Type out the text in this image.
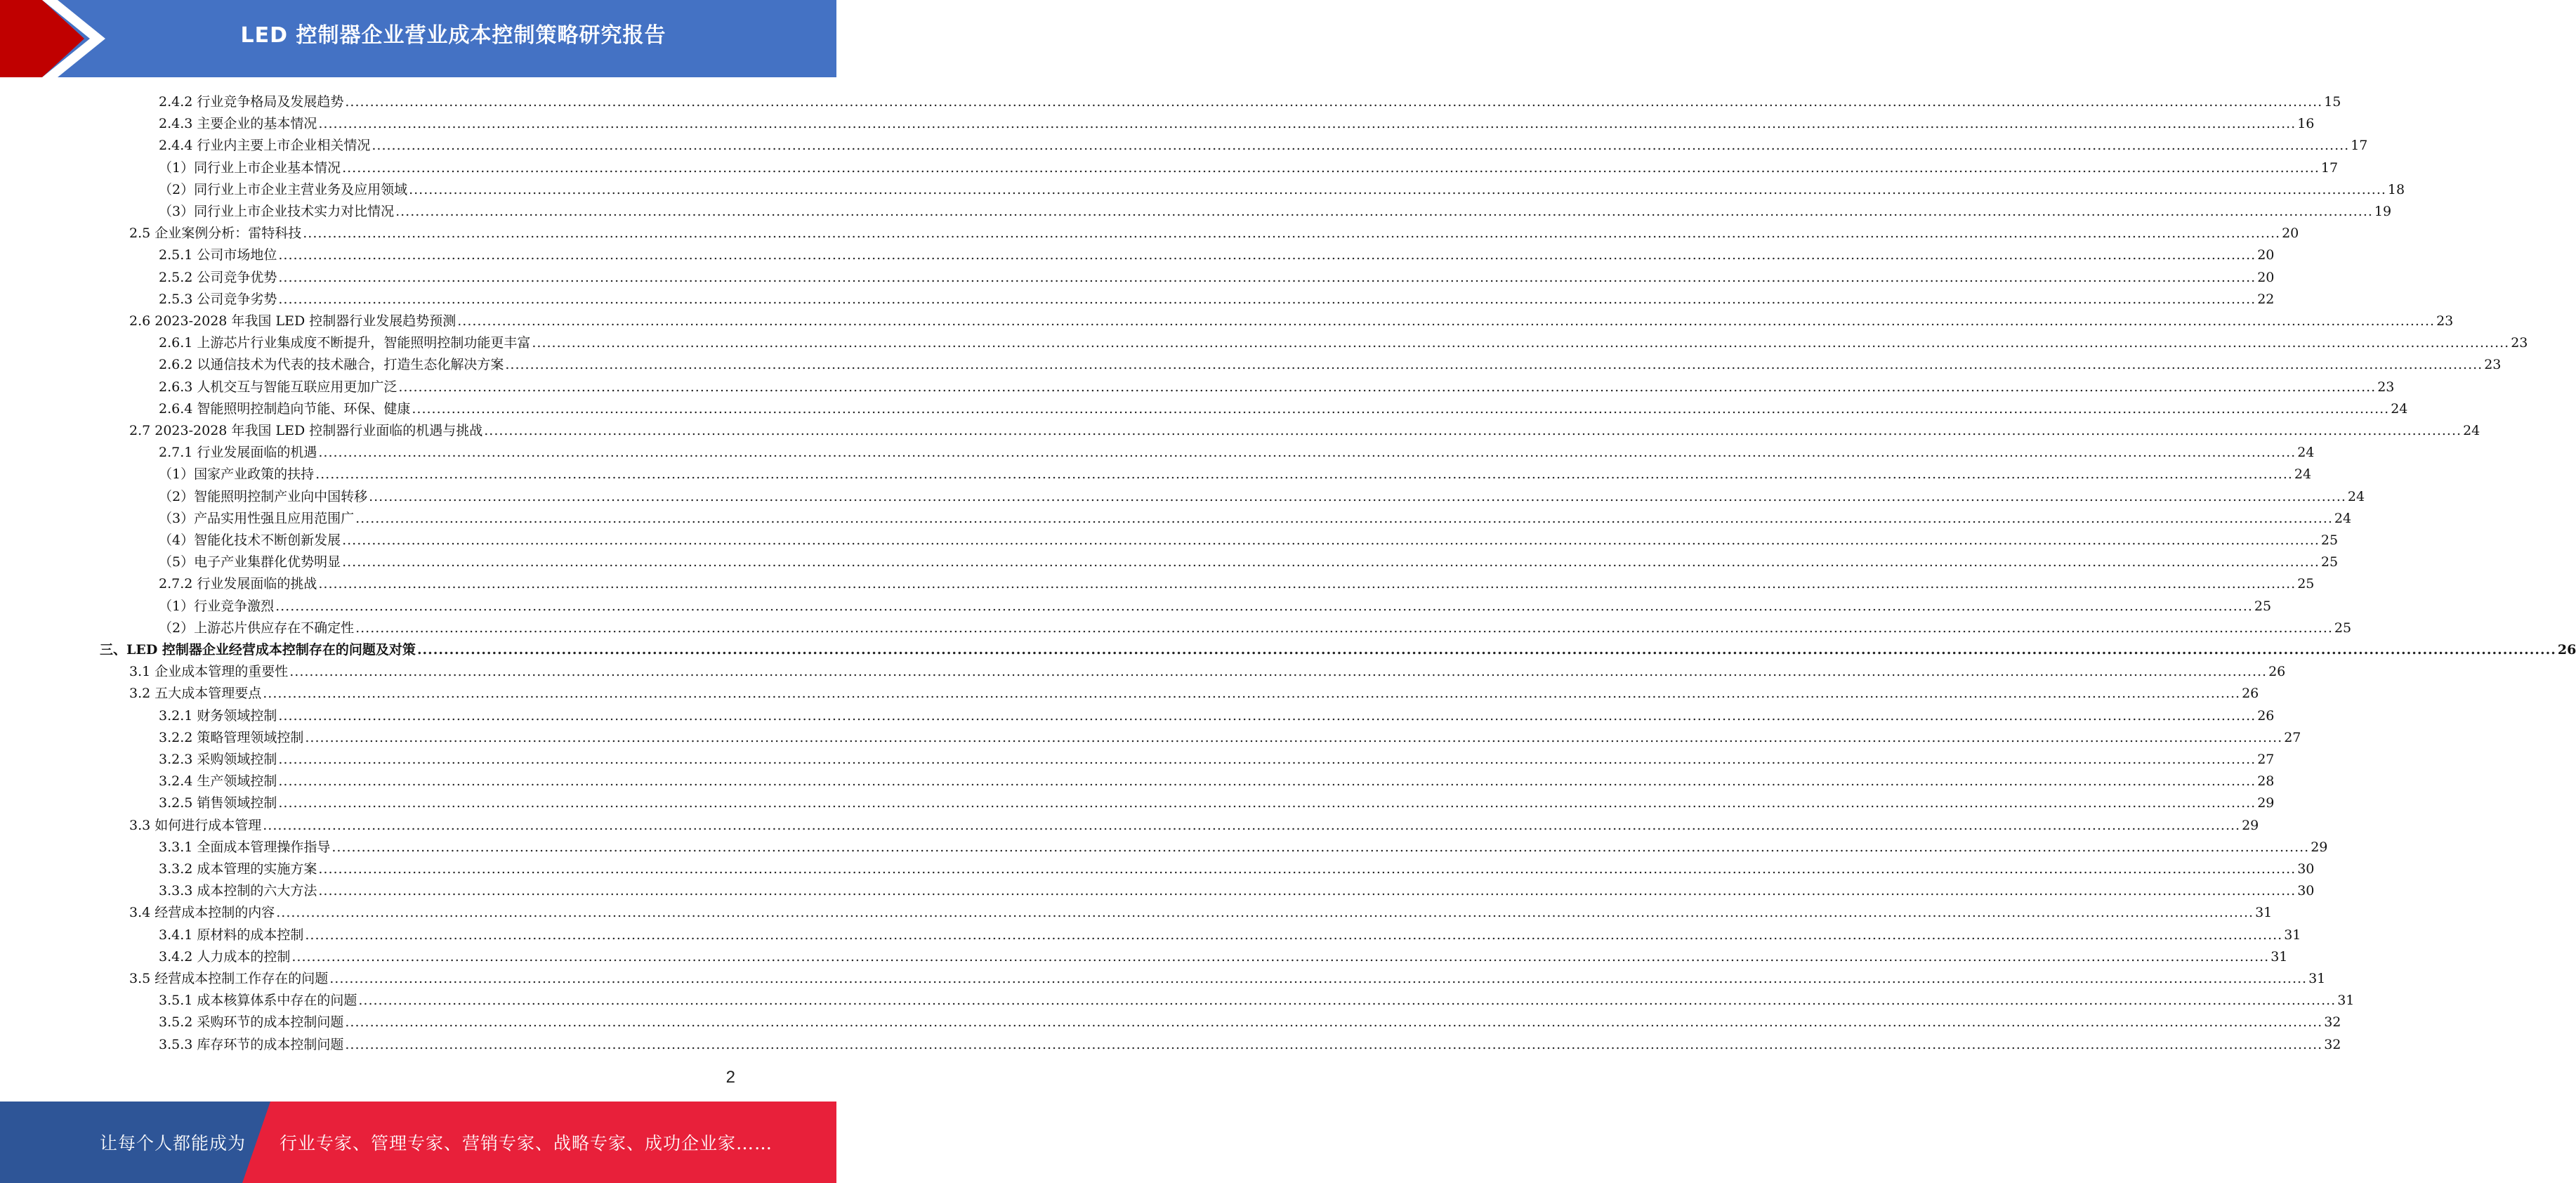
LED 控制器企业营业成本控制策略研究报告
2.4.2 行业竞争格局及发展趋势 ................................................................................................................................................................................................................................................................................................................................................................................................................ 15
2.4.3 主要企业的基本情况 ................................................................................................................................................................................................................................................................................................................................................................................................................ 16
2.4.4 行业内主要上市企业相关情况 ................................................................................................................................................................................................................................................................................................................................................................................................................ 17
（1）同行业上市企业基本情况 ................................................................................................................................................................................................................................................................................................................................................................................................................ 17
（2）同行业上市企业主营业务及应用领域 ................................................................................................................................................................................................................................................................................................................................................................................................................ 18
（3）同行业上市企业技术实力对比情况 ................................................................................................................................................................................................................................................................................................................................................................................................................ 19
2.5 企业案例分析：雷特科技 ................................................................................................................................................................................................................................................................................................................................................................................................................ 20
2.5.1 公司市场地位 ................................................................................................................................................................................................................................................................................................................................................................................................................ 20
2.5.2 公司竞争优势 ................................................................................................................................................................................................................................................................................................................................................................................................................ 20
2.5.3 公司竞争劣势 ................................................................................................................................................................................................................................................................................................................................................................................................................ 22
2.6 2023-2028 年我国 LED 控制器行业发展趋势预测 ................................................................................................................................................................................................................................................................................................................................................................................................................ 23
2.6.1 上游芯片行业集成度不断提升，智能照明控制功能更丰富 ................................................................................................................................................................................................................................................................................................................................................................................................................ 23
2.6.2 以通信技术为代表的技术融合，打造生态化解决方案 ................................................................................................................................................................................................................................................................................................................................................................................................................ 23
2.6.3 人机交互与智能互联应用更加广泛 ................................................................................................................................................................................................................................................................................................................................................................................................................ 23
2.6.4 智能照明控制趋向节能、环保、健康 ................................................................................................................................................................................................................................................................................................................................................................................................................ 24
2.7 2023-2028 年我国 LED 控制器行业面临的机遇与挑战 ................................................................................................................................................................................................................................................................................................................................................................................................................ 24
2.7.1 行业发展面临的机遇 ................................................................................................................................................................................................................................................................................................................................................................................................................ 24
（1）国家产业政策的扶持 ................................................................................................................................................................................................................................................................................................................................................................................................................ 24
（2）智能照明控制产业向中国转移 ................................................................................................................................................................................................................................................................................................................................................................................................................ 24
（3）产品实用性强且应用范围广 ................................................................................................................................................................................................................................................................................................................................................................................................................ 24
（4）智能化技术不断创新发展 ................................................................................................................................................................................................................................................................................................................................................................................................................ 25
（5）电子产业集群化优势明显 ................................................................................................................................................................................................................................................................................................................................................................................................................ 25
2.7.2 行业发展面临的挑战 ................................................................................................................................................................................................................................................................................................................................................................................................................ 25
（1）行业竞争激烈 ................................................................................................................................................................................................................................................................................................................................................................................................................ 25
（2）上游芯片供应存在不确定性 ................................................................................................................................................................................................................................................................................................................................................................................................................ 25
三、LED 控制器企业经营成本控制存在的问题及对策 ................................................................................................................................................................................................................................................................................................................................................................................................................ 26
3.1 企业成本管理的重要性 ................................................................................................................................................................................................................................................................................................................................................................................................................ 26
3.2 五大成本管理要点 ................................................................................................................................................................................................................................................................................................................................................................................................................ 26
3.2.1 财务领域控制 ................................................................................................................................................................................................................................................................................................................................................................................................................ 26
3.2.2 策略管理领域控制 ................................................................................................................................................................................................................................................................................................................................................................................................................ 27
3.2.3 采购领域控制 ................................................................................................................................................................................................................................................................................................................................................................................................................ 27
3.2.4 生产领域控制 ................................................................................................................................................................................................................................................................................................................................................................................................................ 28
3.2.5 销售领域控制 ................................................................................................................................................................................................................................................................................................................................................................................................................ 29
3.3 如何进行成本管理 ................................................................................................................................................................................................................................................................................................................................................................................................................ 29
3.3.1 全面成本管理操作指导 ................................................................................................................................................................................................................................................................................................................................................................................................................ 29
3.3.2 成本管理的实施方案 ................................................................................................................................................................................................................................................................................................................................................................................................................ 30
3.3.3 成本控制的六大方法 ................................................................................................................................................................................................................................................................................................................................................................................................................ 30
3.4 经营成本控制的内容 ................................................................................................................................................................................................................................................................................................................................................................................................................ 31
3.4.1 原材料的成本控制 ................................................................................................................................................................................................................................................................................................................................................................................................................ 31
3.4.2 人力成本的控制 ................................................................................................................................................................................................................................................................................................................................................................................................................ 31
3.5 经营成本控制工作存在的问题 ................................................................................................................................................................................................................................................................................................................................................................................................................ 31
3.5.1 成本核算体系中存在的问题 ................................................................................................................................................................................................................................................................................................................................................................................................................ 31
3.5.2 采购环节的成本控制问题 ................................................................................................................................................................................................................................................................................................................................................................................................................ 32
3.5.3 库存环节的成本控制问题 ................................................................................................................................................................................................................................................................................................................................................................................................................ 32
2
让每个人都能成为 行业专家、管理专家、营销专家、战略专家、成功企业家……
